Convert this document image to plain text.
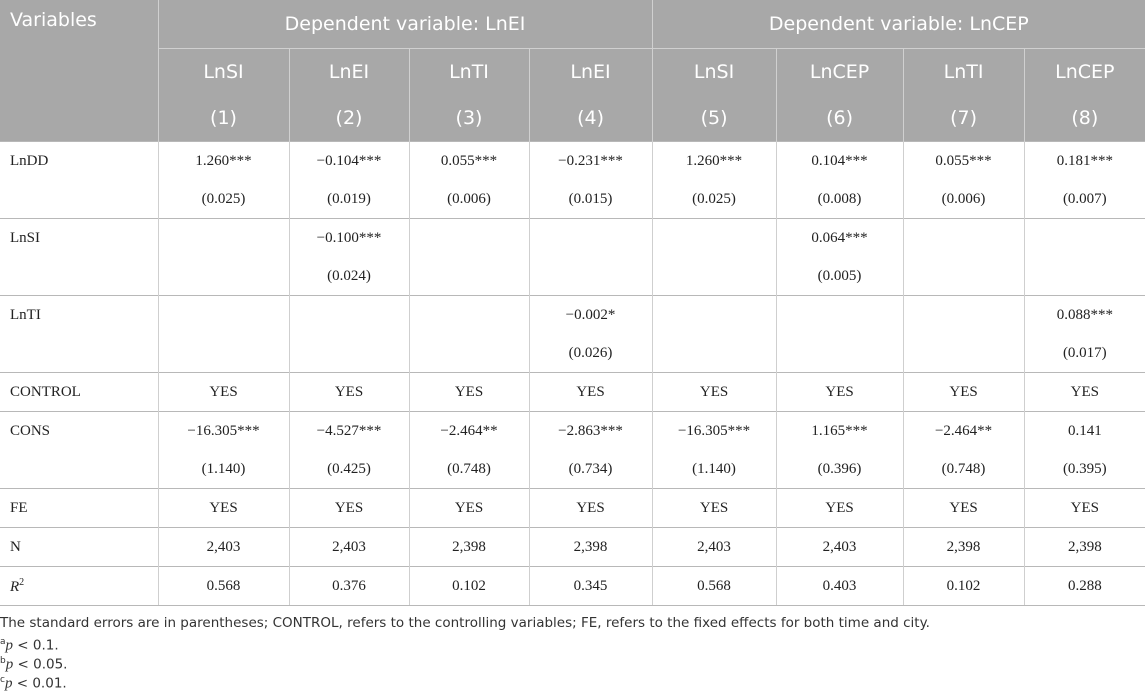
Variables	Dependent variable: LnEI				Dependent variable: LnCEP			
	LnSI	LnEI	LnTI	LnEI	LnSI	LnCEP	LnTI	LnCEP
	(1)	(2)	(3)	(4)	(5)	(6)	(7)	(8)
LnDD	1.260***	−0.104***	0.055***	−0.231***	1.260***	0.104***	0.055***	0.181***
	(0.025)	(0.019)	(0.006)	(0.015)	(0.025)	(0.008)	(0.006)	(0.007)
LnSI		−0.100***				0.064***		
		(0.024)				(0.005)		
LnTI				−0.002*				0.088***
				(0.026)				(0.017)
CONTROL	YES	YES	YES	YES	YES	YES	YES	YES
CONS	−16.305***	−4.527***	−2.464**	−2.863***	−16.305***	1.165***	−2.464**	0.141
	(1.140)	(0.425)	(0.748)	(0.734)	(1.140)	(0.396)	(0.748)	(0.395)
FE	YES	YES	YES	YES	YES	YES	YES	YES
N	2,403	2,403	2,398	2,398	2,403	2,403	2,398	2,398
$R^2$	0.568	0.376	0.102	0.345	0.568	0.403	0.102	0.288
The standard errors are in parentheses; CONTROL, refers to the controlling variables; FE, refers to the fixed effects for both time and city.
$^a$p < 0.1.
$^b$p < 0.05.
$^c$p < 0.01.
